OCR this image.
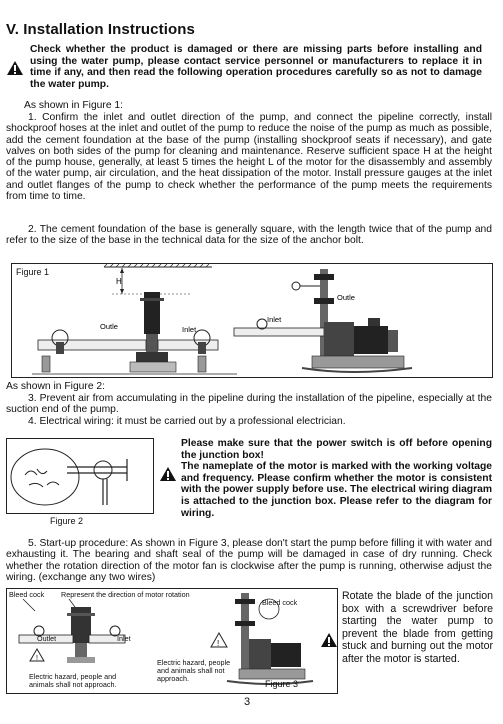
V. Installation Instructions
Check whether the product is damaged or there are missing parts before installing and using the water pump, please contact service personnel or manufacturers to replace it in time if any, and then read the following operation procedures carefully so as not to damage the water pump.
As shown in Figure 1:
1. Confirm the inlet and outlet direction of the pump, and connect the pipeline correctly, install shockproof hoses at the inlet and outlet of the pump to reduce the noise of the pump as much as possible, add the cement foundation at the base of the pump (installing shockproof seats if necessary), and gate valves on both sides of the pump for cleaning and maintenance. Reserve sufficient space H at the height of the pump house, generally, at least 5 times the height L of the motor for the disassembly and assembly of the water pump, air circulation, and the heat dissipation of the motor. Install pressure gauges at the inlet and outlet flanges of the pump to check whether the performance of the pump meets the requirements from time to time.
2. The cement foundation of the base is generally square, with the length twice that of the pump and refer to the size of the base in the technical data for the size of the anchor bolt.
Figure 1
H
Outle	Inlet
Outle
Inlet
As shown in Figure 2:
3. Prevent air from accumulating in the pipeline during the installation of the pipeline, especially at the suction end of the pump.
4. Electrical wiring: it must be carried out by a professional electrician.
Figure 2
Please make sure that the power switch is off before opening the junction box!
The nameplate of the motor is marked with the working voltage and frequency. Please confirm whether the motor is consistent with the power supply before use. The electrical wiring diagram is attached to the junction box. Please refer to the diagram for wiring.
5. Start-up procedure: As shown in Figure 3, please don't start the pump before filling it with water and exhausting it. The bearing and shaft seal of the pump will be damaged in case of dry running. Check whether the rotation direction of the motor fan is clockwise after the pump is running, otherwise adjust the wiring. (exchange any two wires)
Bleed cock Represent the direction of motor rotation
!
!
Outlet	Inlet
Electric hazard, people and animals shall not approach.
Electric hazard, people and animals shall not approach.
Bleed cock
Figure 3
Rotate the blade of the junction box with a screwdriver before starting the water pump to prevent the blade from getting stuck and burning out the motor after the motor is started.
3
